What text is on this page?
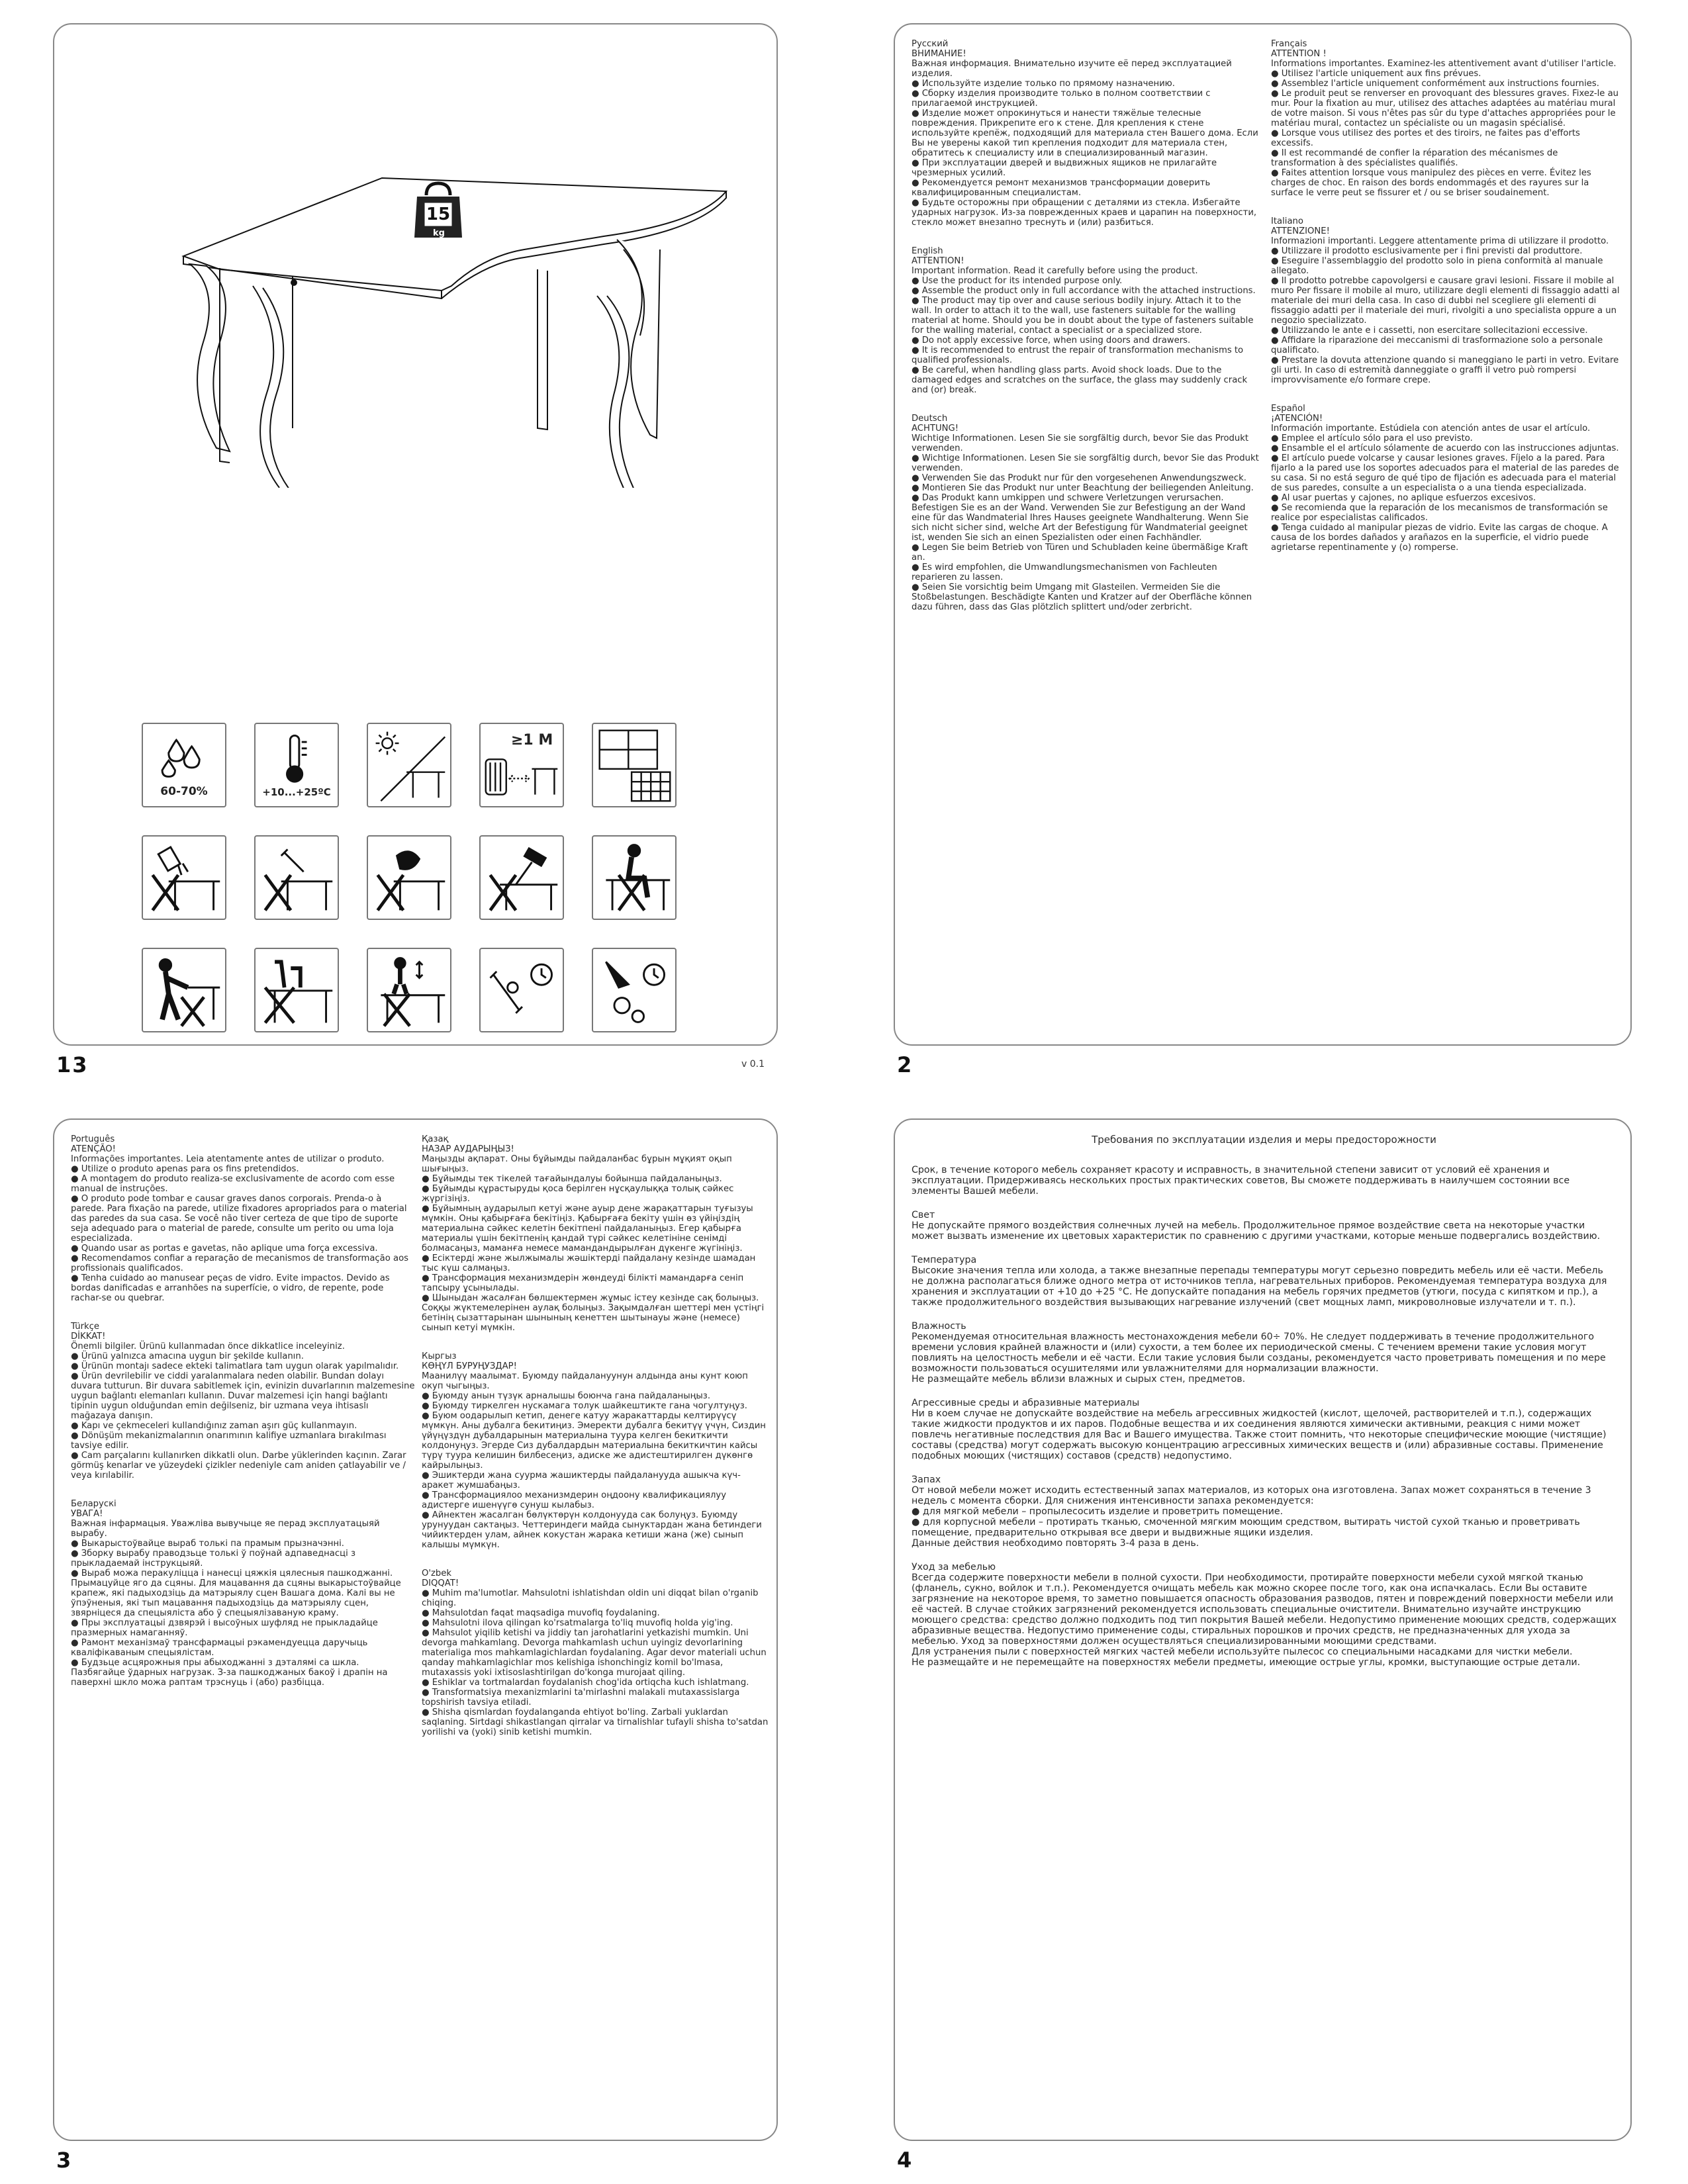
15
kg
60-70%	+10...+25ºC
≥1 M
13	v 0.1
Русский
ВНИМАНИЕ!

Важная информация. Внимательно изучите её перед эксплуатацией изделия.
● Используйте изделие только по прямому назначению.
● Сборку изделия производите только в полном соответствии с прилагаемой инструкцией.
● Изделие может опрокинуться и нанести тяжёлые телесные повреждения. Прикрепите его к стене. Для крепления к стене используйте крепёж, подходящий для материала стен Вашего дома. Если Вы не уверены какой тип крепления подходит для материала стен, обратитесь к специалисту или в специализированный магазин.
● При эксплуатации дверей и выдвижных ящиков не прилагайте чрезмерных усилий.
● Рекомендуется ремонт механизмов трансформации доверить квалифицированным специалистам.
● Будьте осторожны при обращении с деталями из стекла. Избегайте ударных нагрузок. Из-за поврежденных краев и царапин на поверхности, стекло может внезапно треснуть и (или) разбиться.

English
ATTENTION!

Important information. Read it carefully before using the product.
● Use the product for its intended purpose only.
● Assemble the product only in full accordance with the attached instructions.
● The product may tip over and cause serious bodily injury. Attach it to the wall. In order to attach it to the wall, use fasteners suitable for the walling material at home. Should you be in doubt about the type of fasteners suitable for the walling material, contact a specialist or a specialized store.
● Do not apply excessive force, when using doors and drawers.
● It is recommended to entrust the repair of transformation mechanisms to qualified professionals.
● Be careful, when handling glass parts. Avoid shock loads. Due to the damaged edges and scratches on the surface, the glass may suddenly crack and (or) break.

Deutsch
ACHTUNG!

Wichtige Informationen. Lesen Sie sie sorgfältig durch, bevor Sie das Produkt verwenden.
● Wichtige Informationen. Lesen Sie sie sorgfältig durch, bevor Sie das Produkt verwenden.
● Verwenden Sie das Produkt nur für den vorgesehenen Anwendungszweck.
● Montieren Sie das Produkt nur unter Beachtung der beiliegenden Anleitung.
● Das Produkt kann umkippen und schwere Verletzungen verursachen. Befestigen Sie es an der Wand. Verwenden Sie zur Befestigung an der Wand eine für das Wandmaterial Ihres Hauses geeignete Wandhalterung. Wenn Sie sich nicht sicher sind, welche Art der Befestigung für Wandmaterial geeignet ist, wenden Sie sich an einen Spezialisten oder einen Fachhändler.
● Legen Sie beim Betrieb von Türen und Schubladen keine übermäßige Kraft an.
● Es wird empfohlen, die Umwandlungsmechanismen von Fachleuten reparieren zu lassen.
● Seien Sie vorsichtig beim Umgang mit Glasteilen. Vermeiden Sie die Stoßbelastungen. Beschädigte Kanten und Kratzer auf der Oberfläche können dazu führen, dass das Glas plötzlich splittert und/oder zerbricht.

Français
ATTENTION !

Informations importantes. Examinez-les attentivement avant d'utiliser l'article.
● Utilisez l'article uniquement aux fins prévues.
● Assemblez l'article uniquement conformément aux instructions fournies.
● Le produit peut se renverser en provoquant des blessures graves. Fixez-le au mur. Pour la fixation au mur, utilisez des attaches adaptées au matériau mural de votre maison. Si vous n'êtes pas sûr du type d'attaches appropriées pour le matériau mural, contactez un spécialiste ou un magasin spécialisé.
● Lorsque vous utilisez des portes et des tiroirs, ne faites pas d'efforts excessifs.
● Il est recommandé de confier la réparation des mécanismes de transformation à des spécialistes qualifiés.
● Faites attention lorsque vous manipulez des pièces en verre. Évitez les charges de choc. En raison des bords endommagés et des rayures sur la surface le verre peut se fissurer et / ou se briser soudainement.

Italiano
ATTENZIONE!

Informazioni importanti. Leggere attentamente prima di utilizzare il prodotto.
● Utilizzare il prodotto esclusivamente per i fini previsti dal produttore.
● Eseguire l'assemblaggio del prodotto solo in piena conformità al manuale allegato.
● Il prodotto potrebbe capovolgersi e causare gravi lesioni. Fissare il mobile al muro Per fissare il mobile al muro, utilizzare degli elementi di fissaggio adatti al materiale dei muri della casa. In caso di dubbi nel scegliere gli elementi di fissaggio adatti per il materiale dei muri, rivolgiti a uno specialista oppure a un negozio specializzato.
● Utilizzando le ante e i cassetti, non esercitare sollecitazioni eccessive.
● Affidare la riparazione dei meccanismi di trasformazione solo a personale qualificato.
● Prestare la dovuta attenzione quando si maneggiano le parti in vetro. Evitare gli urti. In caso di estremità danneggiate o graffi il vetro può rompersi improvvisamente e/o formare crepe.

Español
¡ATENCIÓN!

Información importante. Estúdiela con atención antes de usar el artículo.
● Emplee el artículo sólo para el uso previsto.
● Ensamble el el artículo sólamente de acuerdo con las instrucciones adjuntas.
● El artículo puede volcarse y causar lesiones graves. Fíjelo a la pared. Para fijarlo a la pared use los soportes adecuados para el material de las paredes de su casa. Si no está seguro de qué tipo de fijación es adecuada para el material de sus paredes, consulte a un especialista o a una tienda especializada.
● Al usar puertas y cajones, no aplique esfuerzos excesivos.
● Se recomienda que la reparación de los mecanismos de transformación se realice por especialistas calificados.
● Tenga cuidado al manipular piezas de vidrio. Evite las cargas de choque. A causa de los bordes dañados y arañazos en la superficie, el vidrio puede agrietarse repentinamente y (o) romperse.

2
Português
ATENÇÃO!

Informações importantes. Leia atentamente antes de utilizar o produto.
● Utilize o produto apenas para os fins pretendidos.
● A montagem do produto realiza-se exclusivamente de acordo com esse manual de instruções.
● O produto pode tombar e causar graves danos corporais. Prenda-o à parede. Para fixação na parede, utilize fixadores apropriados para o material das paredes da sua casa. Se você não tiver certeza de que tipo de suporte seja adequado para o material de parede, consulte um perito ou uma loja especializada.
● Quando usar as portas e gavetas, não aplique uma força excessiva.
● Recomendamos confiar a reparação de mecanismos de transformação aos profissionais qualificados.
● Tenha cuidado ao manusear peças de vidro. Evite impactos. Devido as bordas danificadas e arranhões na superfície, o vidro, de repente, pode rachar-se ou quebrar.

Türkçe
DİKKAT!

Önemli bilgiler. Ürünü kullanmadan önce dikkatlice inceleyiniz.
● Ürünü yalnızca amacına uygun bir şekilde kullanın.
● Ürünün montajı sadece ekteki talimatlara tam uygun olarak yapılmalıdır.
● Ürün devrilebilir ve ciddi yaralanmalara neden olabilir. Bundan dolayı duvara tutturun. Bir duvara sabitlemek için, evinizin duvarlarının malzemesine uygun bağlantı elemanları kullanın. Duvar malzemesi için hangi bağlantı tipinin uygun olduğundan emin değilseniz, bir uzmana veya ihtisaslı mağazaya danışın.
● Kapı ve çekmeceleri kullandığınız zaman aşırı güç kullanmayın.
● Dönüşüm mekanizmalarının onarımının kalifiye uzmanlara bırakılması tavsiye edilir.
● Cam parçalarını kullanırken dikkatli olun. Darbe yüklerinden kaçının. Zarar görmüş kenarlar ve yüzeydeki çizikler nedeniyle cam aniden çatlayabilir ve / veya kırılabilir.

Беларускі
УВАГА!

Важная інфармацыя. Уважліва вывучыце яе перад эксплуатацыяй вырабу.
● Выкарыстоўвайце выраб толькі па прамым прызначэнні.
● Зборку вырабу праводзьце толькі ў поўнай адпаведнасці з прыкладаемай інструкцыяй.
● Выраб можа перакуліцца і нанесці цяжкія цялесныя пашкоджанні. Прымацуйце яго да сцяны. Для мацавання да сцяны выкарыстоўвайце крапеж, які падыходзіць да матэрыялу сцен Вашага дома. Калі вы не ўпэўненыя, які тып мацавання падыходзіць да матэрыялу сцен, звярніцеся да спецыяліста або ў спецыялізаваную краму.
● Пры эксплуатацыі дзвярэй і высоўных шуфляд не прыкладайце празмерных намаганняў.
● Рамонт механізмаў трансфармацыі рэкамендуецца даручыць кваліфікаваным спецыялістам.
● Будзьце асцярожныя пры абыходжанні з дэталямі са шкла. Пазбягайце ўдарных нагрузак. З-за пашкоджаных бакоў і драпін на паверхні шкло можа раптам трэснуць і (або) разбіцца.

Қазақ
НАЗАР АУДАРЫҢЫЗ!

Маңызды ақпарат. Оны бұйымды пайдаланбас бұрын мұқият оқып шығыңыз.
● Бұйымды тек тікелей тағайындалуы бойынша пайдаланыңыз.
● Бұйымды құрастыруды қоса берілген нұсқаулыққа толық сәйкес жүргізіңіз.
● Бұйымның аударылып кетуі және ауыр дене жарақаттарын туғызуы мүмкін. Оны қабырғаға бекітіңіз. Қабырғаға бекіту үшін өз үйіңіздің материалына сәйкес келетін бекітпені пайдаланыңыз. Егер қабырға материалы үшін бекітпенің қандай түрі сәйкес келетініне сенімді болмасаңыз, маманға немесе мамандандырылған дүкенге жүгініңіз.
● Есіктерді және жылжымалы жәшіктерді пайдалану кезінде шамадан тыс күш салмаңыз.
● Трансформация механизмдерін жөндеуді білікті мамандарға сеніп тапсыру ұсынылады.
● Шыныдан жасалған бөлшектермен жұмыс істеу кезінде сақ болыңыз. Соққы жүктемелерінен аулақ болыңыз. Зақымдалған шеттері мен үстіңгі бетінің сызаттарынан шынының кенеттен шытынауы және (немесе) сынып кетуі мүмкін.

Кыргыз
КӨҢҮЛ БУРУҢУЗДАР!

Маанилүү маалымат. Буюмду пайдалануунун алдында аны кунт коюп окуп чыгыңыз.
● Буюмду анын түзүк арналышы боюнча гана пайдаланыңыз.
● Буюмду тиркелген нускамага толук шайкештикте гана чогултуңуз.
● Буюм оодарылып кетип, денеге катуу жаракаттарды келтирүүсү мүмкүн. Аны дубалга бекитиңиз. Эмеректи дубалга бекитүү үчүн, Сиздин үйүңүздүн дубалдарынын материалына туура келген бекиткичти колдонуңуз. Эгерде Сиз дубалдардын материалына бекиткичтин кайсы түрү туура келишин билбесеңиз, адиске же адистештирилген дүкөнгө кайрылыңыз.
● Эшиктерди жана суурма жашиктерды пайдаланууда ашыкча күч-аракет жумшабаңыз.
● Трансформациялоо механизмдерин оңдоону квалификациялуу адистерге ишенүүгө сунуш кылабыз.
● Айнектен жасалган бөлүктөрүн колдонууда сак болуңуз. Буюмду урунуудан сактаңыз. Четтериндеги майда сынуктардан жана бетиндеги чийиктерден улам, айнек кокустан жарака кетиши жана (же) сынып калышы мүмкүн.

O'zbek
DIQQAT!

● Muhim ma'lumotlar. Mahsulotni ishlatishdan oldin uni diqqat bilan o'rganib chiqing.
● Mahsulotdan faqat maqsadiga muvofiq foydalaning.
● Mahsulotni ilova qilingan ko'rsatmalarga to'liq muvofiq holda yig'ing.
● Mahsulot yiqilib ketishi va jiddiy tan jarohatlarini yetkazishi mumkin. Uni devorga mahkamlang. Devorga mahkamlash uchun uyingiz devorlarining materialiga mos mahkamlagichlardan foydalaning. Agar devor materiali uchun qanday mahkamlagichlar mos kelishiga ishonchingiz komil bo'lmasa, mutaxassis yoki ixtisoslashtirilgan do'konga murojaat qiling.
● Eshiklar va tortmalardan foydalanish chog'ida ortiqcha kuch ishlatmang.
● Transformatsiya mexanizmlarini ta'mirlashni malakali mutaxassislarga topshirish tavsiya etiladi.
● Shisha qismlardan foydalanganda ehtiyot bo'ling. Zarbali yuklardan saqlaning. Sirtdagi shikastlangan qirralar va tirnalishlar tufayli shisha to'satdan yorilishi va (yoki) sinib ketishi mumkin.

3
Требования по эксплуатации изделия и меры предосторожности

Срок, в течение которого мебель сохраняет красоту и исправность, в значительной степени зависит от условий её хранения и эксплуатации. Придерживаясь нескольких простых практических советов, Вы сможете поддерживать в наилучшем состоянии все элементы Вашей мебели.

Свет

Не допускайте прямого воздействия солнечных лучей на мебель. Продолжительное прямое воздействие света на некоторые участки может вызвать изменение их цветовых характеристик по сравнению с другими участками, которые меньше подвергались воздействию.

Температура

Высокие значения тепла или холода, а также внезапные перепады температуры могут серьезно повредить мебель или её части. Мебель не должна располагаться ближе одного метра от источников тепла, нагревательных приборов. Рекомендуемая температура воздуха для хранения и эксплуатации от +10 до +25 °C. Не допускайте попадания на мебель горячих предметов (утюги, посуда с кипятком и пр.), а также продолжительного воздействия вызывающих нагревание излучений (свет мощных ламп, микроволновые излучатели и т. п.).

Влажность

Рекомендуемая относительная влажность местонахождения мебели 60÷ 70%. Не следует поддерживать в течение продолжительного времени условия крайней влажности и (или) сухости, а тем более их периодической смены. С течением времени такие условия могут повлиять на целостность мебели и её части. Если такие условия были созданы, рекомендуется часто проветривать помещения и по мере возможности пользоваться осушителями или увлажнителями для нормализации влажности.
Не размещайте мебель вблизи влажных и сырых стен, предметов.

Агрессивные среды и абразивные материалы

Ни в коем случае не допускайте воздействие на мебель агрессивных жидкостей (кислот, щелочей, растворителей и т.п.), содержащих такие жидкости продуктов и их паров. Подобные вещества и их соединения являются химически активными, реакция с ними может повлечь негативные последствия для Вас и Вашего имущества. Также стоит помнить, что некоторые специфические моющие (чистящие) составы (средства) могут содержать высокую концентрацию агрессивных химических веществ и (или) абразивные составы. Применение подобных моющих (чистящих) составов (средств) недопустимо.

Запах

От новой мебели может исходить естественный запах материалов, из которых она изготовлена. Запах может сохраняться в течение 3 недель с момента сборки. Для снижения интенсивности запаха рекомендуется:
● для мягкой мебели – пропылесосить изделие и проветрить помещение.
● для корпусной мебели – протирать тканью, смоченной мягким моющим средством, вытирать чистой сухой тканью и проветривать помещение, предварительно открывая все двери и выдвижные ящики изделия.
Данные действия необходимо повторять 3-4 раза в день.

Уход за мебелью

Всегда содержите поверхности мебели в полной сухости. При необходимости, протирайте поверхности мебели сухой мягкой тканью (фланель, сукно, войлок и т.п.). Рекомендуется очищать мебель как можно скорее после того, как она испачкалась. Если Вы оставите загрязнение на некоторое время, то заметно повышается опасность образования разводов, пятен и повреждений поверхности мебели или её частей. В случае стойких загрязнений рекомендуется использовать специальные очистители. Внимательно изучайте инструкцию моющего средства: средство должно подходить под тип покрытия Вашей мебели. Недопустимо применение моющих средств, содержащих абразивные вещества. Недопустимо применение соды, стиральных порошков и прочих средств, не предназначенных для ухода за мебелью. Уход за поверхностями должен осуществляться специализированными моющими средствами.
Для устранения пыли с поверхностей мягких частей мебели используйте пылесос со специальными насадками для чистки мебели.
Не размещайте и не перемещайте на поверхностях мебели предметы, имеющие острые углы, кромки, выступающие острые детали.

4
